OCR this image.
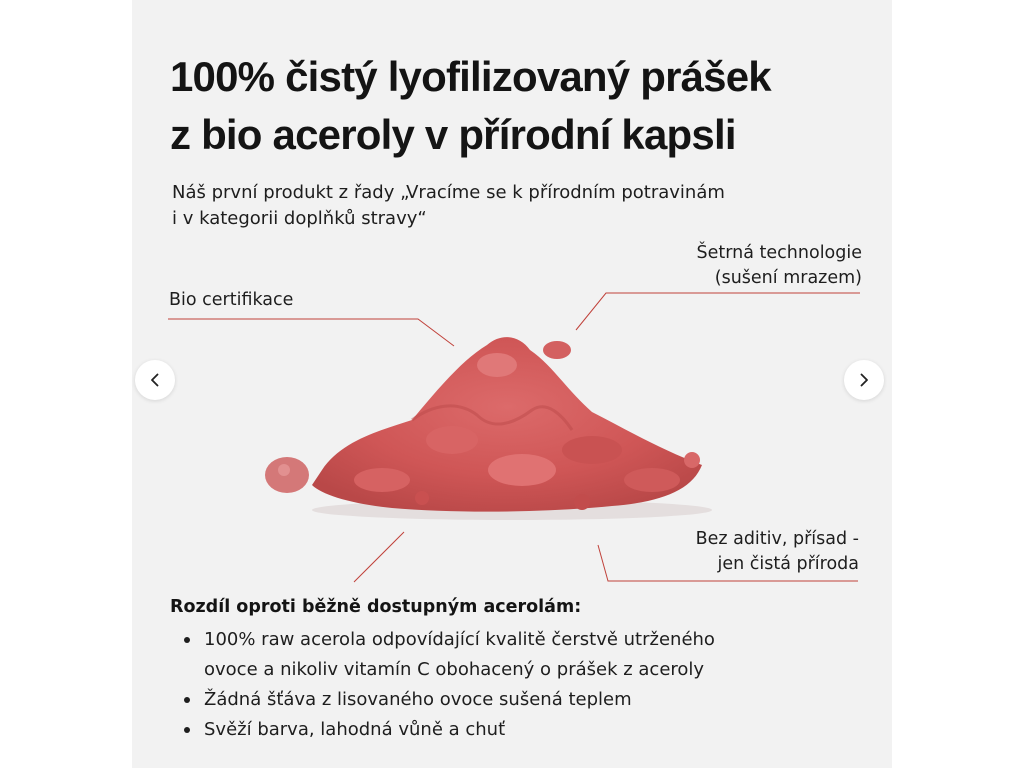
100% čistý lyofilizovaný prášek
z bio aceroly v přírodní kapsli
Náš první produkt z řady „Vracíme se k přírodním potravinám
i v kategorii doplňků stravy“
Šetrná technologie
(sušení mrazem)
Bio certifikace
Bez aditiv, přísad -
jen čistá příroda
Rozdíl oproti běžně dostupným acerolám:
100% raw acerola odpovídající kvalitě čerstvě utrženého
ovoce a nikoliv vitamín C obohacený o prášek z aceroly
Žádná šťáva z lisovaného ovoce sušená teplem
Svěží barva, lahodná vůně a chuť
